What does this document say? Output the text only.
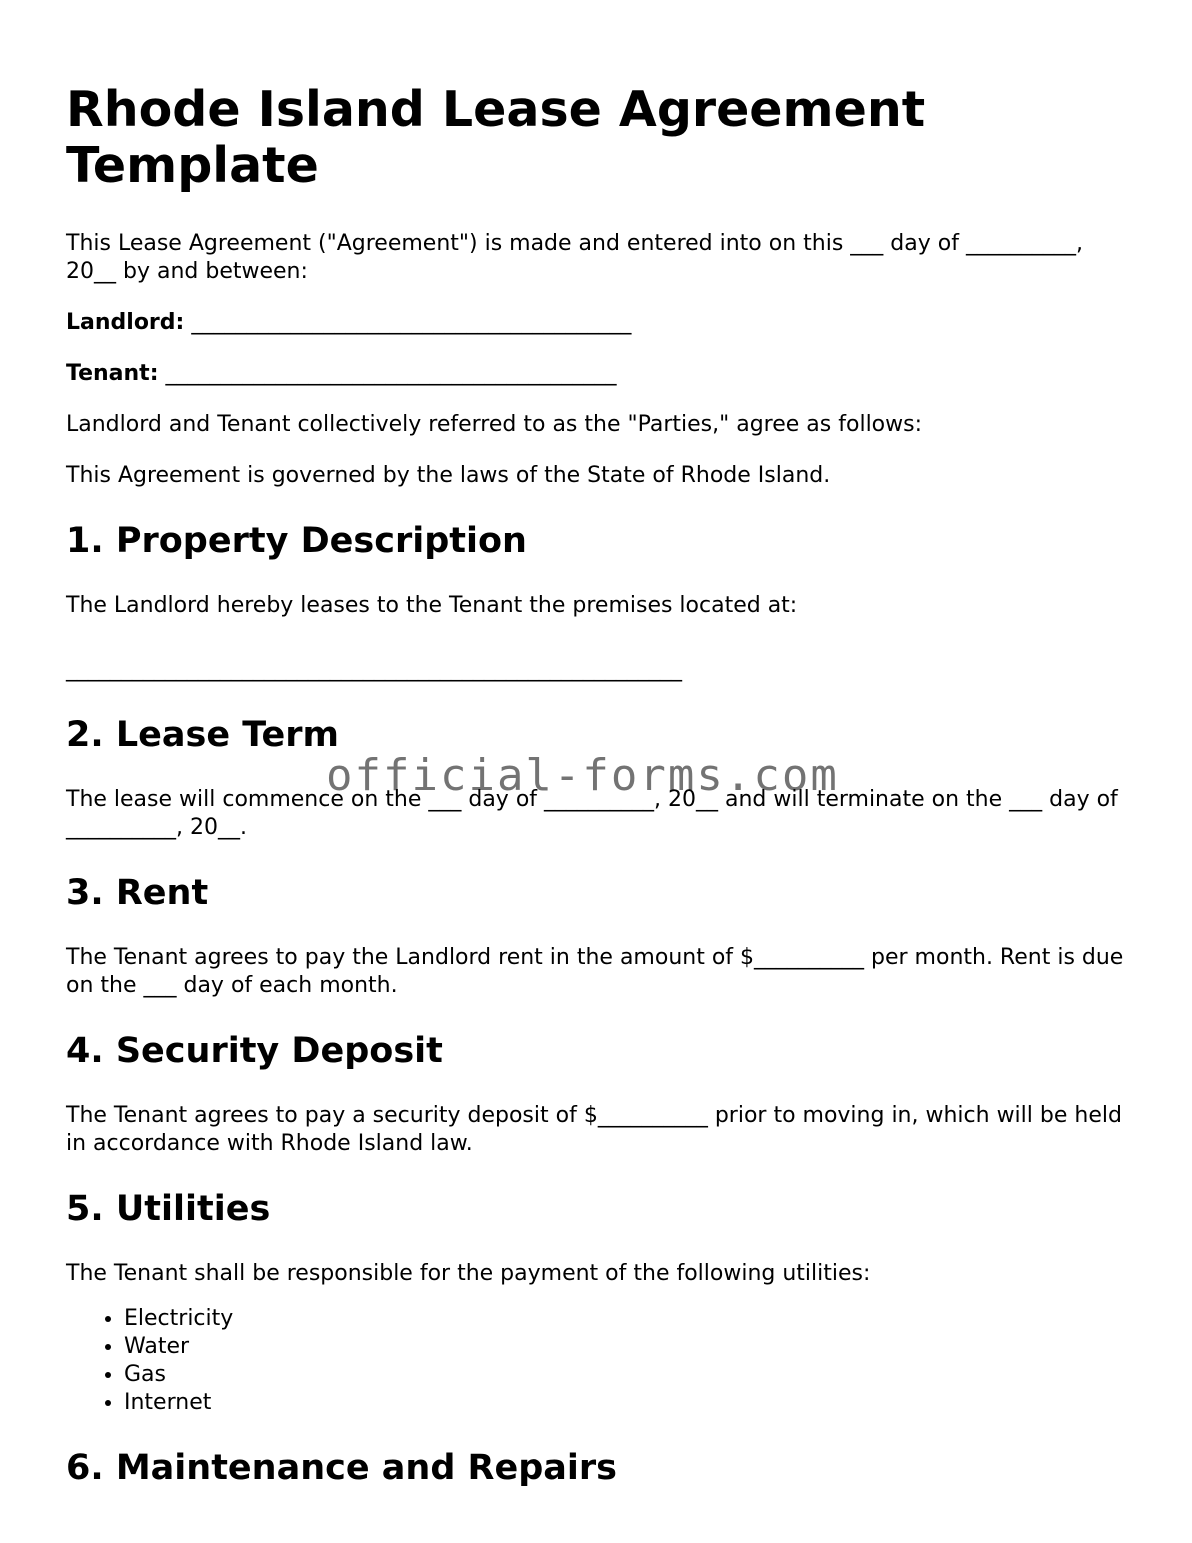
Rhode Island Lease Agreement Template

This Lease Agreement ("Agreement") is made and entered into on this ___ day of __________, 20__ by and between:

Landlord: ________________________________________

Tenant: _________________________________________

Landlord and Tenant collectively referred to as the "Parties," agree as follows:

This Agreement is governed by the laws of the State of Rhode Island.

1. Property Description

The Landlord hereby leases to the Tenant the premises located at:

________________________________________________________

2. Lease Term

The lease will commence on the ___ day of __________, 20__ and will terminate on the ___ day of __________, 20__.

3. Rent

The Tenant agrees to pay the Landlord rent in the amount of $__________ per month. Rent is due on the ___ day of each month.

4. Security Deposit

The Tenant agrees to pay a security deposit of $__________ prior to moving in, which will be held in accordance with Rhode Island law.

5. Utilities

The Tenant shall be responsible for the payment of the following utilities:

• Electricity
• Water
• Gas
• Internet
6. Maintenance and Repairs
official-forms.com
